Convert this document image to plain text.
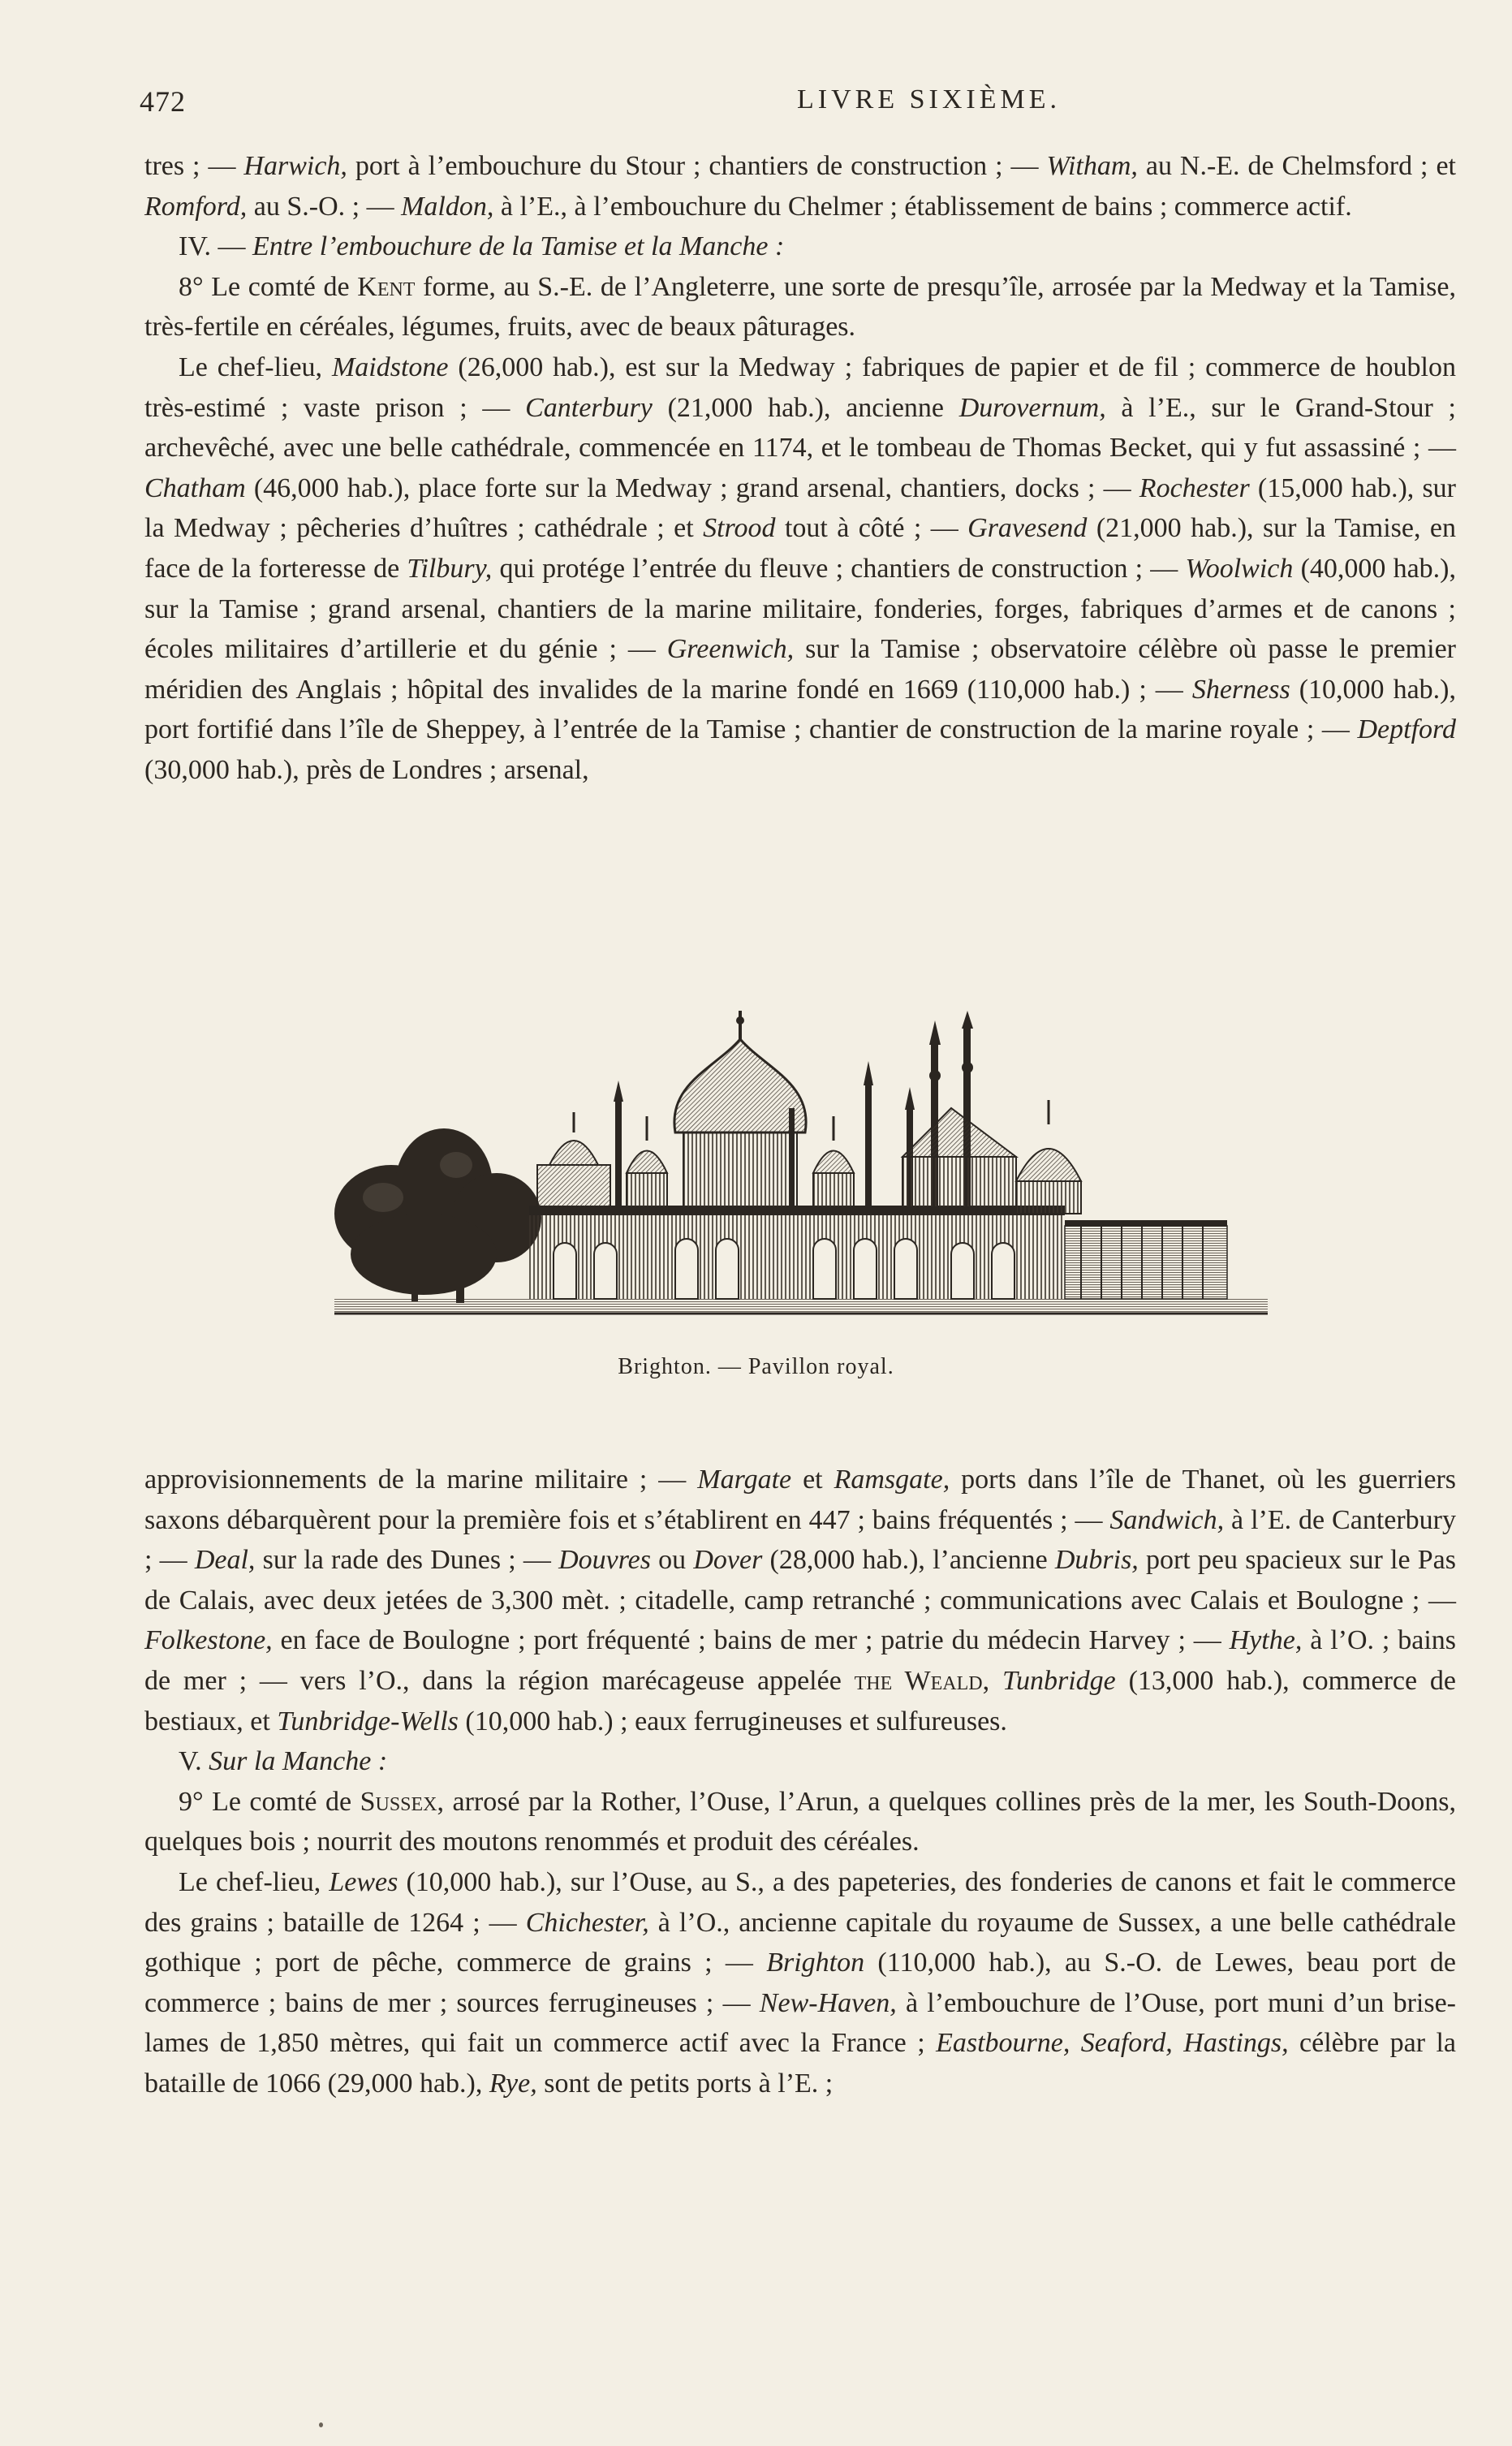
472	LIVRE SIXIÈME.

tres ; — Harwich, port à l’embouchure du Stour ; chantiers de construction ; — Witham, au N.-E. de Chelmsford ; et Romford, au S.-O. ; — Maldon, à l’E., à l’embouchure du Chelmer ; établissement de bains ; commerce actif.

IV. — Entre l’embouchure de la Tamise et la Manche :

8° Le comté de Kent forme, au S.-E. de l’Angleterre, une sorte de presqu’île, arrosée par la Medway et la Tamise, très-fertile en céréales, légumes, fruits, avec de beaux pâturages.

Le chef-lieu, Maidstone (26,000 hab.), est sur la Medway ; fabriques de papier et de fil ; commerce de houblon très-estimé ; vaste prison ; — Canterbury (21,000 hab.), ancienne Durovernum, à l’E., sur le Grand-Stour ; archevêché, avec une belle cathédrale, commencée en 1174, et le tombeau de Thomas Becket, qui y fut assassiné ; — Chatham (46,000 hab.), place forte sur la Medway ; grand arsenal, chantiers, docks ; — Rochester (15,000 hab.), sur la Medway ; pêcheries d’huîtres ; cathédrale ; et Strood tout à côté ; — Gravesend (21,000 hab.), sur la Tamise, en face de la forteresse de Tilbury, qui protége l’entrée du fleuve ; chantiers de construction ; — Woolwich (40,000 hab.), sur la Tamise ; grand arsenal, chantiers de la marine militaire, fonderies, forges, fabriques d’armes et de canons ; écoles militaires d’artillerie et du génie ; — Greenwich, sur la Tamise ; observatoire célèbre où passe le premier méridien des Anglais ; hôpital des invalides de la marine fondé en 1669 (110,000 hab.) ; — Sherness (10,000 hab.), port fortifié dans l’île de Sheppey, à l’entrée de la Tamise ; chantier de construction de la marine royale ; — Deptford (30,000 hab.), près de Londres ; arsenal,

Brighton. — Pavillon royal.

approvisionnements de la marine militaire ; — Margate et Ramsgate, ports dans l’île de Thanet, où les guerriers saxons débarquèrent pour la première fois et s’établirent en 447 ; bains fréquentés ; — Sandwich, à l’E. de Canterbury ; — Deal, sur la rade des Dunes ; — Douvres ou Dover (28,000 hab.), l’ancienne Dubris, port peu spacieux sur le Pas de Calais, avec deux jetées de 3,300 mèt. ; citadelle, camp retranché ; communications avec Calais et Boulogne ; — Folkestone, en face de Boulogne ; port fréquenté ; bains de mer ; patrie du médecin Harvey ; — Hythe, à l’O. ; bains de mer ; — vers l’O., dans la région marécageuse appelée the Weald, Tunbridge (13,000 hab.), commerce de bestiaux, et Tunbridge-Wells (10,000 hab.) ; eaux ferrugineuses et sulfureuses.

V. Sur la Manche :

9° Le comté de Sussex, arrosé par la Rother, l’Ouse, l’Arun, a quelques collines près de la mer, les South-Doons, quelques bois ; nourrit des moutons renommés et produit des céréales.

Le chef-lieu, Lewes (10,000 hab.), sur l’Ouse, au S., a des papeteries, des fonderies de canons et fait le commerce des grains ; bataille de 1264 ; — Chichester, à l’O., ancienne capitale du royaume de Sussex, a une belle cathédrale gothique ; port de pêche, commerce de grains ; — Brighton (110,000 hab.), au S.-O. de Lewes, beau port de commerce ; bains de mer ; sources ferrugineuses ; — New-Haven, à l’embouchure de l’Ouse, port muni d’un brise-lames de 1,850 mètres, qui fait un commerce actif avec la France ; Eastbourne, Seaford, Hastings, célèbre par la bataille de 1066 (29,000 hab.), Rye, sont de petits ports à l’E. ;
